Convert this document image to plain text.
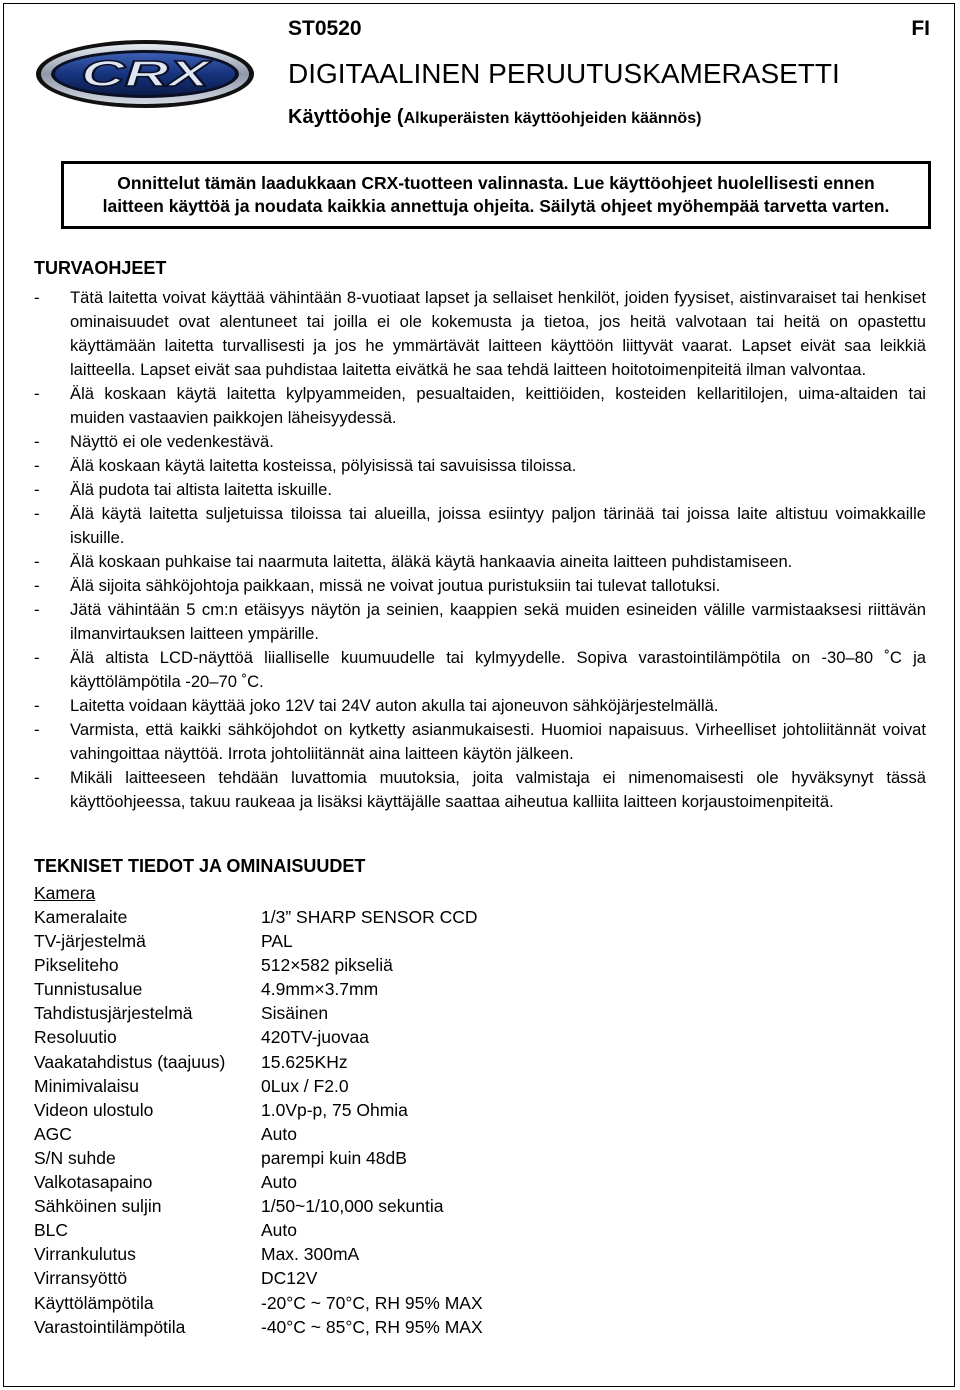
CRX
ST0520	FI
DIGITAALINEN PERUUTUSKAMERASETTI
Käyttöohje (Alkuperäisten käyttöohjeiden käännös)
Onnittelut tämän laadukkaan CRX-tuotteen valinnasta. Lue käyttöohjeet huolellisesti ennen
laitteen käyttöä ja noudata kaikkia annettuja ohjeita. Säilytä ohjeet myöhempää tarvetta varten.
TURVAOHJEET
- Tätä laitetta voivat käyttää vähintään 8-vuotiaat lapset ja sellaiset henkilöt, joiden fyysiset, aistinvaraiset tai henkiset ominaisuudet ovat alentuneet tai joilla ei ole kokemusta ja tietoa, jos heitä valvotaan tai heitä on opastettu käyttämään laitetta turvallisesti ja jos he ymmärtävät laitteen käyttöön liittyvät vaarat. Lapset eivät saa leikkiä laitteella. Lapset eivät saa puhdistaa laitetta eivätkä he saa tehdä laitteen hoitotoimenpiteitä ilman valvontaa.
- Älä koskaan käytä laitetta kylpyammeiden, pesualtaiden, keittiöiden, kosteiden kellaritilojen, uima-altaiden tai muiden vastaavien paikkojen läheisyydessä.
- Näyttö ei ole vedenkestävä.
- Älä koskaan käytä laitetta kosteissa, pölyisissä tai savuisissa tiloissa.
- Älä pudota tai altista laitetta iskuille.
- Älä käytä laitetta suljetuissa tiloissa tai alueilla, joissa esiintyy paljon tärinää tai joissa laite altistuu voimakkaille iskuille.
- Älä koskaan puhkaise tai naarmuta laitetta, äläkä käytä hankaavia aineita laitteen puhdistamiseen.
- Älä sijoita sähköjohtoja paikkaan, missä ne voivat joutua puristuksiin tai tulevat tallotuksi.
- Jätä vähintään 5 cm:n etäisyys näytön ja seinien, kaappien sekä muiden esineiden välille varmistaaksesi riittävän ilmanvirtauksen laitteen ympärille.
- Älä altista LCD-näyttöä liialliselle kuumuudelle tai kylmyydelle. Sopiva varastointilämpötila on -30–80 ˚C ja käyttölämpötila -20–70 ˚C.
- Laitetta voidaan käyttää joko 12V tai 24V auton akulla tai ajoneuvon sähköjärjestelmällä.
- Varmista, että kaikki sähköjohdot on kytketty asianmukaisesti. Huomioi napaisuus. Virheelliset johtoliitännät voivat vahingoittaa näyttöä. Irrota johtoliitännät aina laitteen käytön jälkeen.
- Mikäli laitteeseen tehdään luvattomia muutoksia, joita valmistaja ei nimenomaisesti ole hyväksynyt tässä käyttöohjeessa, takuu raukeaa ja lisäksi käyttäjälle saattaa aiheutua kalliita laitteen korjaustoimenpiteitä.
TEKNISET TIEDOT JA OMINAISUUDET
Kamera
Kameralaite	1/3” SHARP SENSOR CCD
TV-järjestelmä	PAL
Pikseliteho	512×582 pikseliä
Tunnistusalue	4.9mm×3.7mm
Tahdistusjärjestelmä	Sisäinen
Resoluutio	420TV-juovaa
Vaakatahdistus (taajuus)	15.625KHz
Minimivalaisu	0Lux / F2.0
Videon ulostulo	1.0Vp-p, 75 Ohmia
AGC	Auto
S/N suhde	parempi kuin 48dB
Valkotasapaino	Auto
Sähköinen suljin	1/50~1/10,000 sekuntia
BLC	Auto
Virrankulutus	Max. 300mA
Virransyöttö	DC12V
Käyttölämpötila	-20°C ~ 70°C, RH 95% MAX
Varastointilämpötila	-40°C ~ 85°C, RH 95% MAX
